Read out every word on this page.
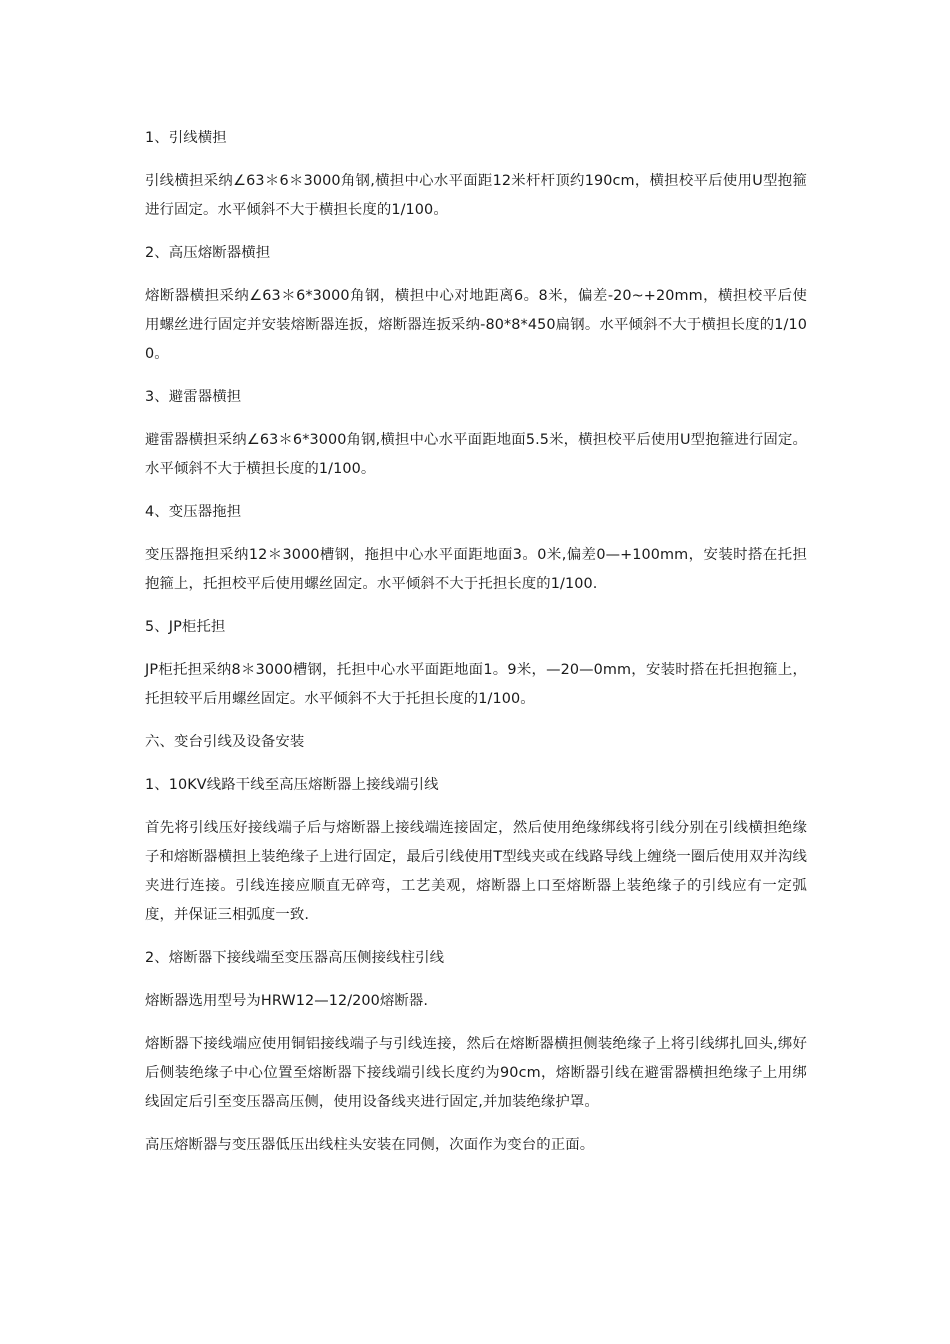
1、引线横担

引线横担采纳∠63＊6＊3000角钢,横担中心水平面距12米杆杆顶约190cm，横担校平后使用U型抱箍进行固定。水平倾斜不大于横担长度的1/100。

2、高压熔断器横担

熔断器横担采纳∠63＊6*3000角钢，横担中心对地距离6。8米，偏差-20~+20mm，横担校平后使用螺丝进行固定并安装熔断器连扳，熔断器连扳采纳-80*8*450扁钢。水平倾斜不大于横担长度的1/100。

3、避雷器横担

避雷器横担采纳∠63＊6*3000角钢,横担中心水平面距地面5.5米，横担校平后使用U型抱箍进行固定。水平倾斜不大于横担长度的1/100。

4、变压器拖担

变压器拖担采纳12＊3000槽钢，拖担中心水平面距地面3。0米,偏差0—+100mm，安装时搭在托担抱箍上，托担校平后使用螺丝固定。水平倾斜不大于托担长度的1/100.

5、JP柜托担

JP柜托担采纳8＊3000槽钢，托担中心水平面距地面1。9米，—20—0mm，安装时搭在托担抱箍上，托担较平后用螺丝固定。水平倾斜不大于托担长度的1/100。

六、变台引线及设备安装

1、10KV线路干线至高压熔断器上接线端引线

首先将引线压好接线端子后与熔断器上接线端连接固定，然后使用绝缘绑线将引线分别在引线横担绝缘子和熔断器横担上装绝缘子上进行固定，最后引线使用T型线夹或在线路导线上缠绕一圈后使用双并沟线夹进行连接。引线连接应顺直无碎弯，工艺美观，熔断器上口至熔断器上装绝缘子的引线应有一定弧度，并保证三相弧度一致.

2、熔断器下接线端至变压器高压侧接线柱引线

熔断器选用型号为HRW12—12/200熔断器.

熔断器下接线端应使用铜铝接线端子与引线连接，然后在熔断器横担侧装绝缘子上将引线绑扎回头,绑好后侧装绝缘子中心位置至熔断器下接线端引线长度约为90cm，熔断器引线在避雷器横担绝缘子上用绑线固定后引至变压器高压侧，使用设备线夹进行固定,并加装绝缘护罩。

高压熔断器与变压器低压出线柱头安装在同侧，次面作为变台的正面。
